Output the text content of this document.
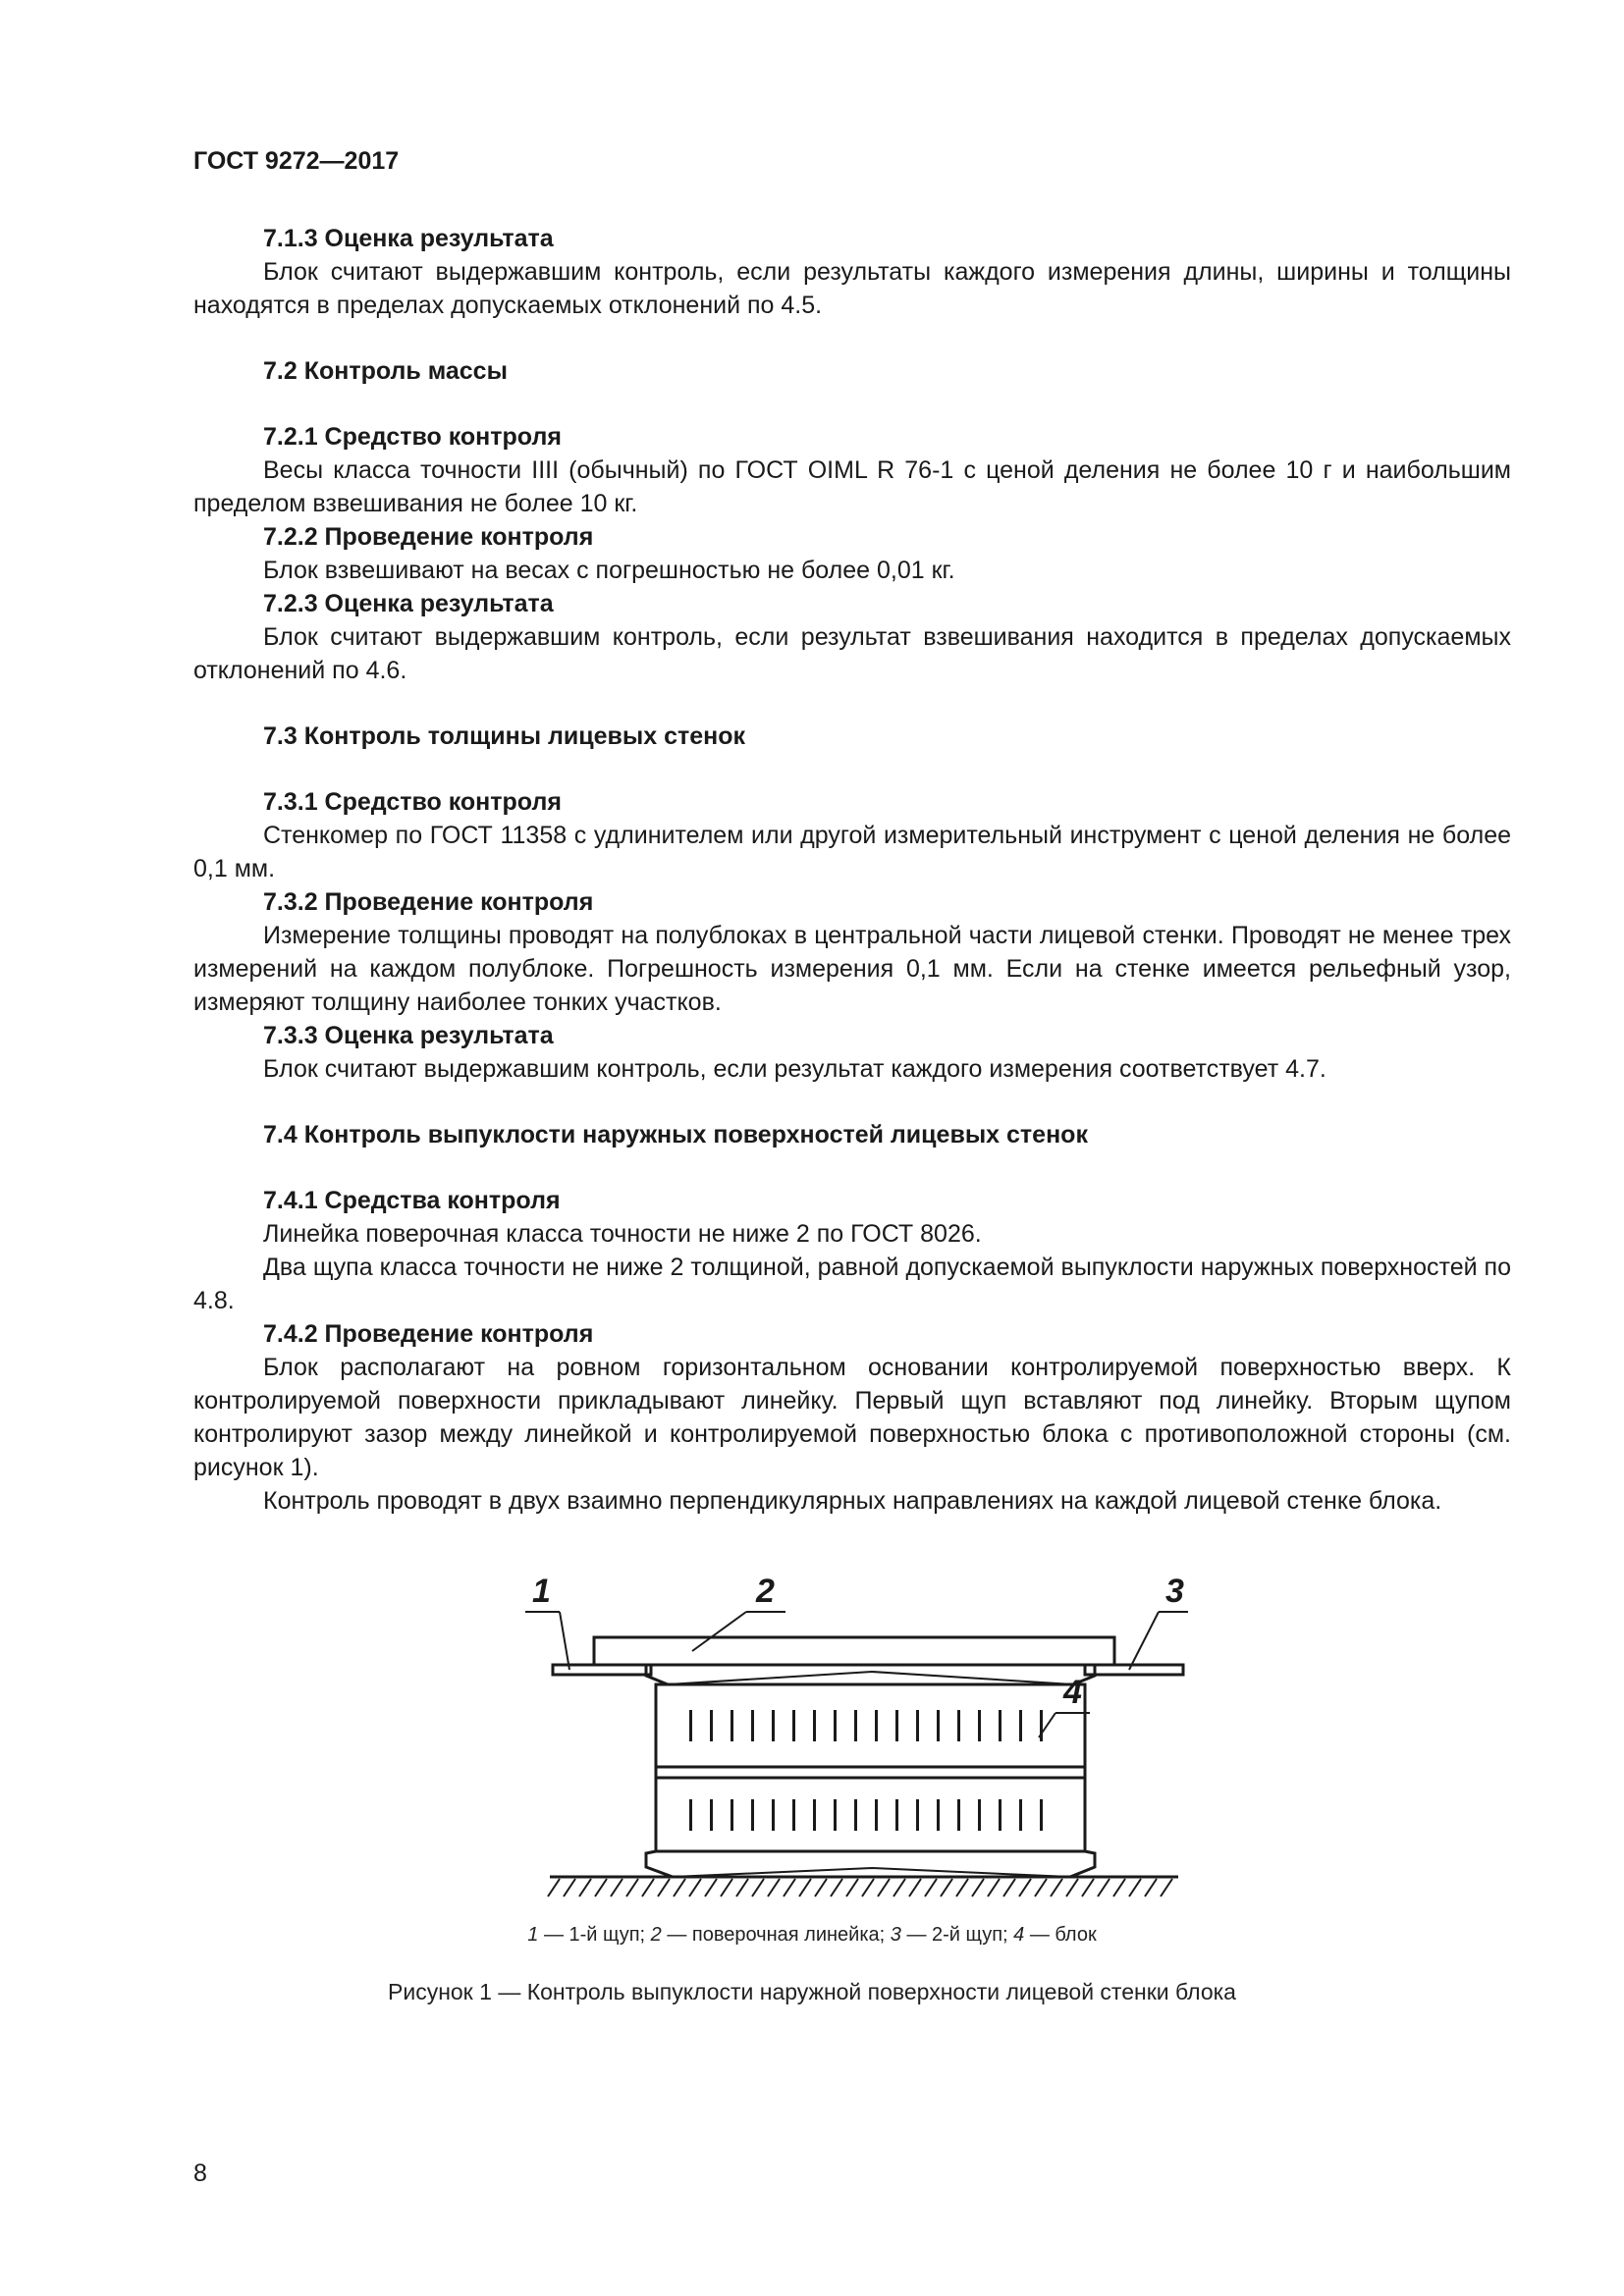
ГОСТ 9272—2017
7.1.3 Оценка результата

Блок считают выдержавшим контроль, если результаты каждого измерения длины, ширины и толщины находятся в пределах допускаемых отклонений по 4.5.

7.2 Контроль массы
7.2.1 Средство контроля

Весы класса точности IIII (обычный) по ГОСТ OIML R 76-1 с ценой деления не более 10 г и наибольшим пределом взвешивания не более 10 кг.

7.2.2 Проведение контроля

Блок взвешивают на весах с погрешностью не более 0,01 кг.

7.2.3 Оценка результата

Блок считают выдержавшим контроль, если результат взвешивания находится в пределах допускаемых отклонений по 4.6.

7.3 Контроль толщины лицевых стенок
7.3.1 Средство контроля

Стенкомер по ГОСТ 11358 с удлинителем или другой измерительный инструмент с ценой деления не более 0,1 мм.

7.3.2 Проведение контроля

Измерение толщины проводят на полублоках в центральной части лицевой стенки. Проводят не менее трех измерений на каждом полублоке. Погрешность измерения 0,1 мм. Если на стенке имеется рельефный узор, измеряют толщину наиболее тонких участков.

7.3.3 Оценка результата

Блок считают выдержавшим контроль, если результат каждого измерения соответствует 4.7.

7.4 Контроль выпуклости наружных поверхностей лицевых стенок
7.4.1 Средства контроля

Линейка поверочная класса точности не ниже 2 по ГОСТ 8026.

Два щупа класса точности не ниже 2 толщиной, равной допускаемой выпуклости наружных поверхностей по 4.8.

7.4.2 Проведение контроля

Блок располагают на ровном горизонтальном основании контролируемой поверхностью вверх. К контролируемой поверхности прикладывают линейку. Первый щуп вставляют под линейку. Вторым щупом контролируют зазор между линейкой и контролируемой поверхностью блока с противоположной стороны (см. рисунок 1).

Контроль проводят в двух взаимно перпендикулярных направлениях на каждой лицевой стенке блока.

1	2	3
4
1 — 1-й щуп; 2 — поверочная линейка; 3 — 2-й щуп; 4 — блок

Рисунок 1 — Контроль выпуклости наружной поверхности лицевой стенки блока

8
